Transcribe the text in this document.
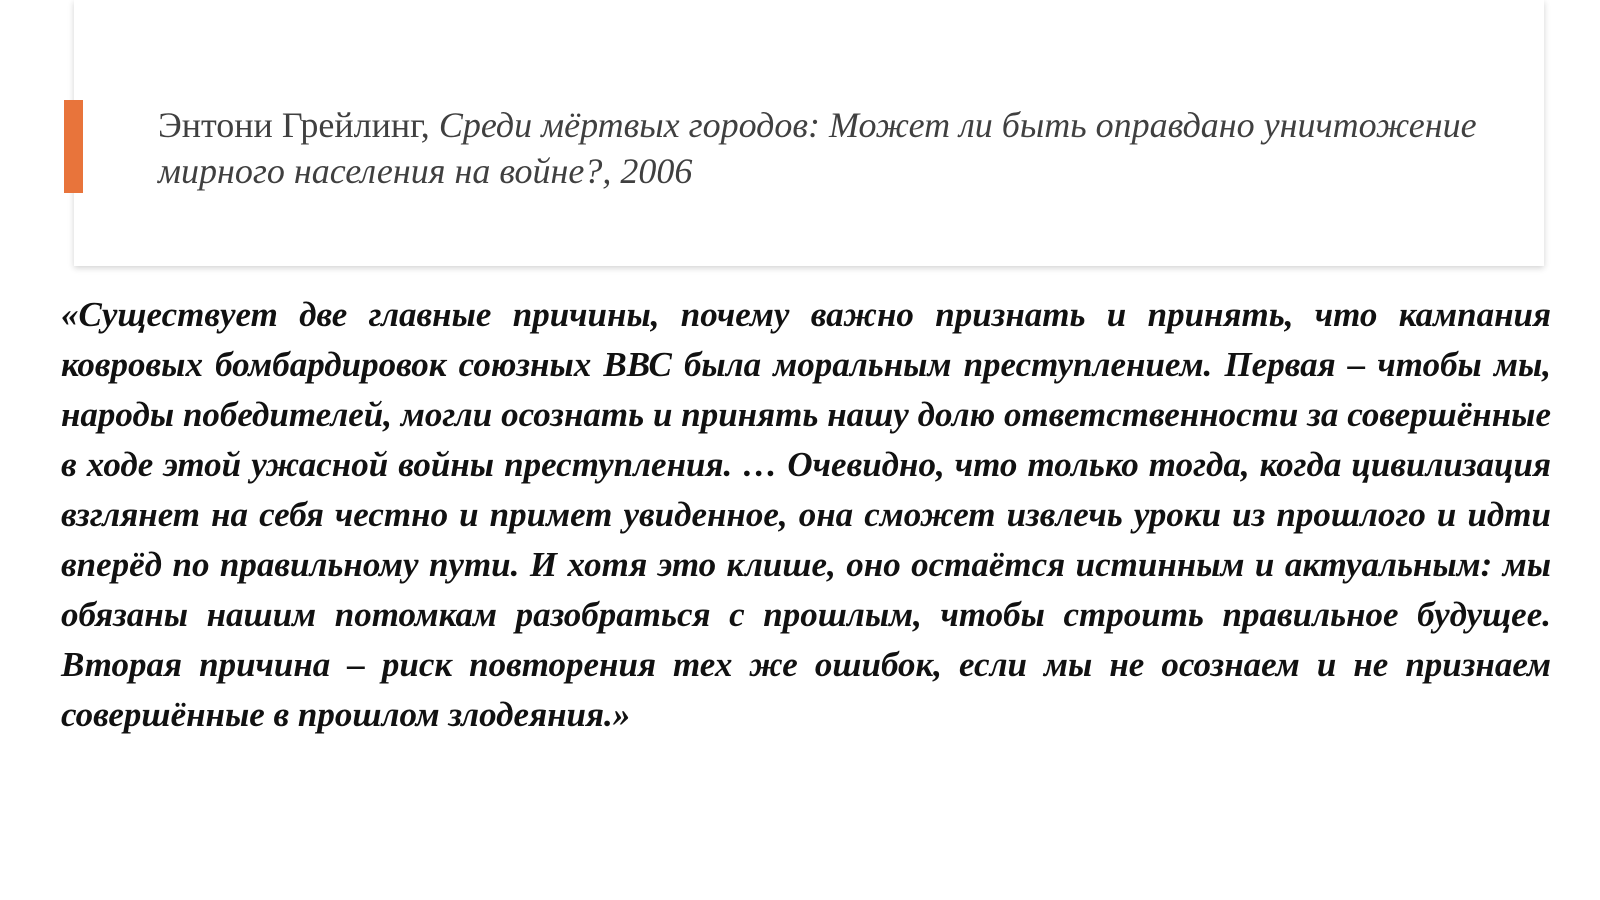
Энтони Грейлинг, Среди мёртвых городов: Может ли быть оправдано уничтожение мирного населения на войне?, 2006

«Существует две главные причины, почему важно признать и принять, что кампания ковровых бомбардировок союзных ВВС была моральным преступлением. Первая – чтобы мы, народы победителей, могли осознать и принять нашу долю ответственности за совершённые в ходе этой ужасной войны преступления. … Очевидно, что только тогда, когда цивилизация взглянет на себя честно и примет увиденное, она сможет извлечь уроки из прошлого и идти вперёд по правильному пути. И хотя это клише, оно остаётся истинным и актуальным: мы обязаны нашим потомкам разобраться с прошлым, чтобы строить правильное будущее. Вторая причина – риск повторения тех же ошибок, если мы не осознаем и не признаем совершённые в прошлом злодеяния.»
